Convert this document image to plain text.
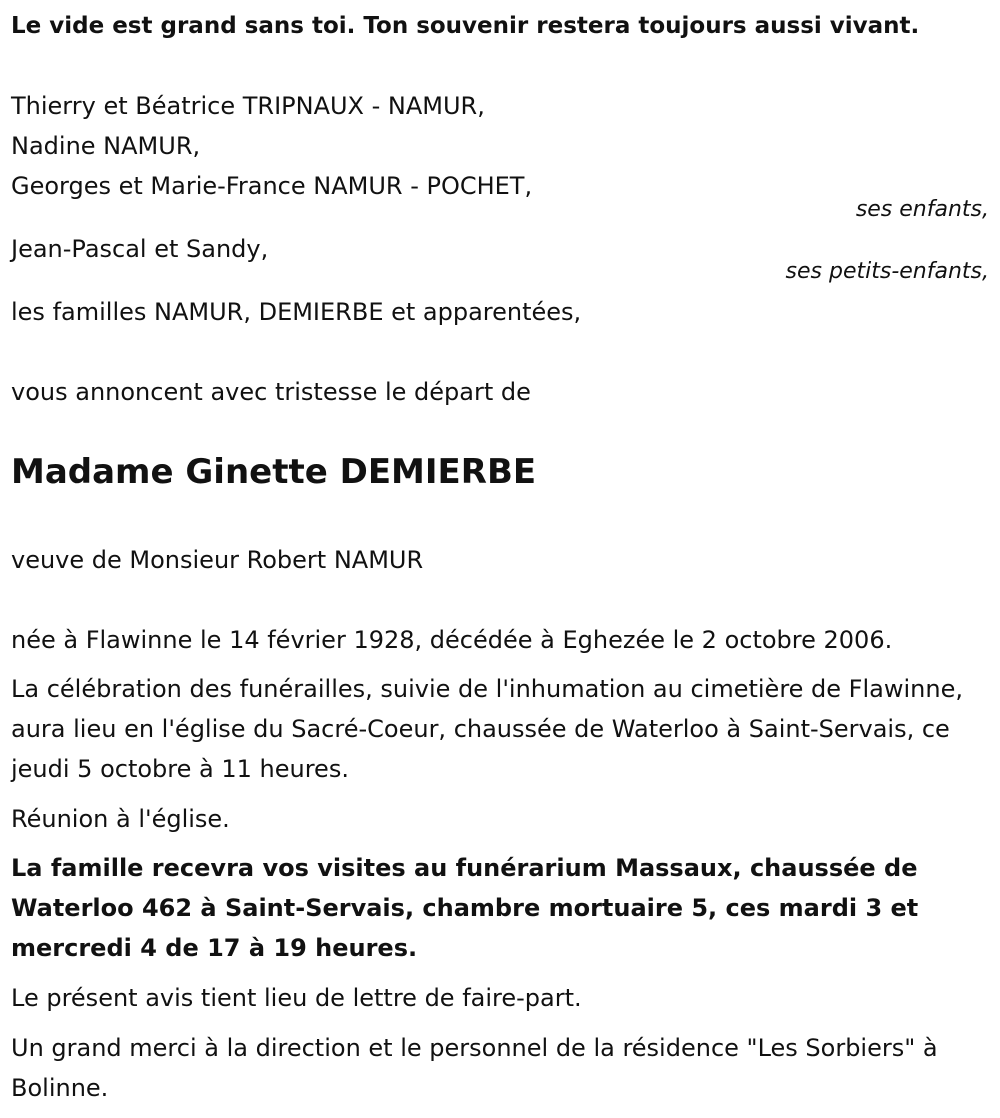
Le vide est grand sans toi. Ton souvenir restera toujours aussi vivant.
Thierry et Béatrice TRIPNAUX - NAMUR,
Nadine NAMUR,
Georges et Marie-France NAMUR - POCHET,
ses enfants,
Jean-Pascal et Sandy,
ses petits-enfants,
les familles NAMUR, DEMIERBE et apparentées,
vous annoncent avec tristesse le départ de
Madame Ginette DEMIERBE
veuve de Monsieur Robert NAMUR
née à Flawinne le 14 février 1928, décédée à Eghezée le 2 octobre 2006.
La célébration des funérailles, suivie de l'inhumation au cimetière de Flawinne, aura lieu en l'église du Sacré-Coeur, chaussée de Waterloo à Saint-Servais, ce jeudi 5 octobre à 11 heures.
Réunion à l'église.
La famille recevra vos visites au funérarium Massaux, chaussée de Waterloo 462 à Saint-Servais, chambre mortuaire 5, ces mardi 3 et mercredi 4 de 17 à 19 heures.
Le présent avis tient lieu de lettre de faire-part.
Un grand merci à la direction et le personnel de la résidence "Les Sorbiers" à Bolinne.
